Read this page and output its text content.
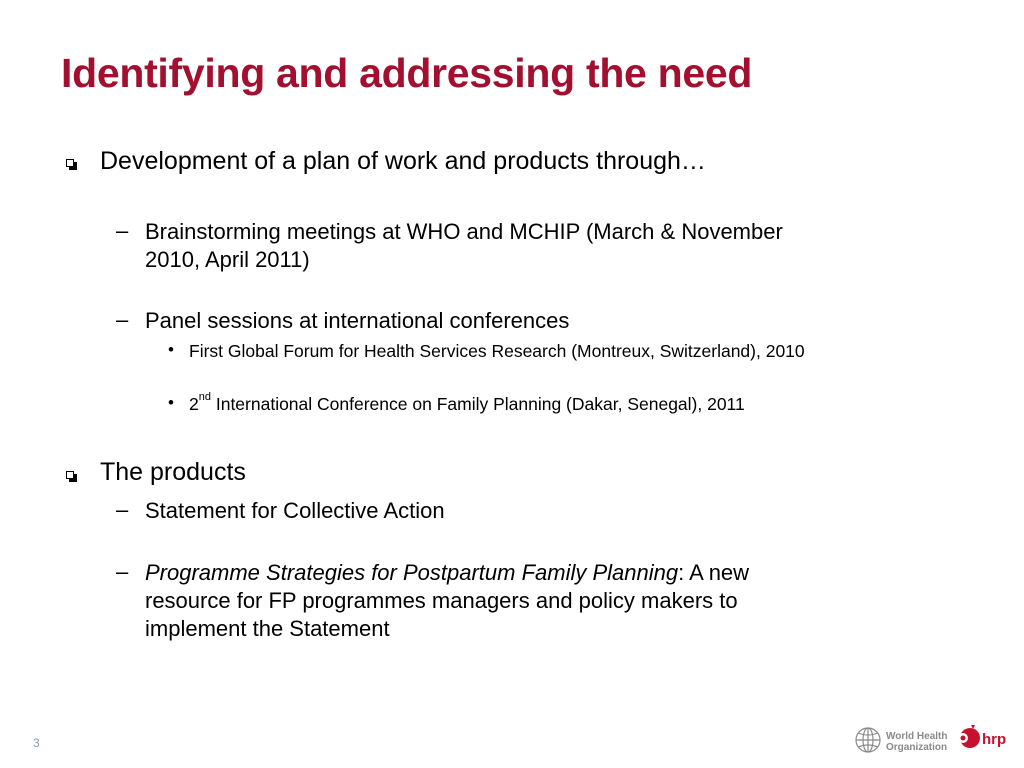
Identifying and addressing the need
Development of a plan of work and products through…
– Brainstorming meetings at WHO and MCHIP (March & November
2010, April 2011)
– Panel sessions at international conferences
• First Global Forum for Health Services Research (Montreux, Switzerland), 2010
• 2nd International Conference on Family Planning (Dakar, Senegal), 2011
The products
– Statement for Collective Action
– Programme Strategies for Postpartum Family Planning: A new
resource for FP programmes managers and policy makers to
implement the Statement
3	World Health
Organization hrp
